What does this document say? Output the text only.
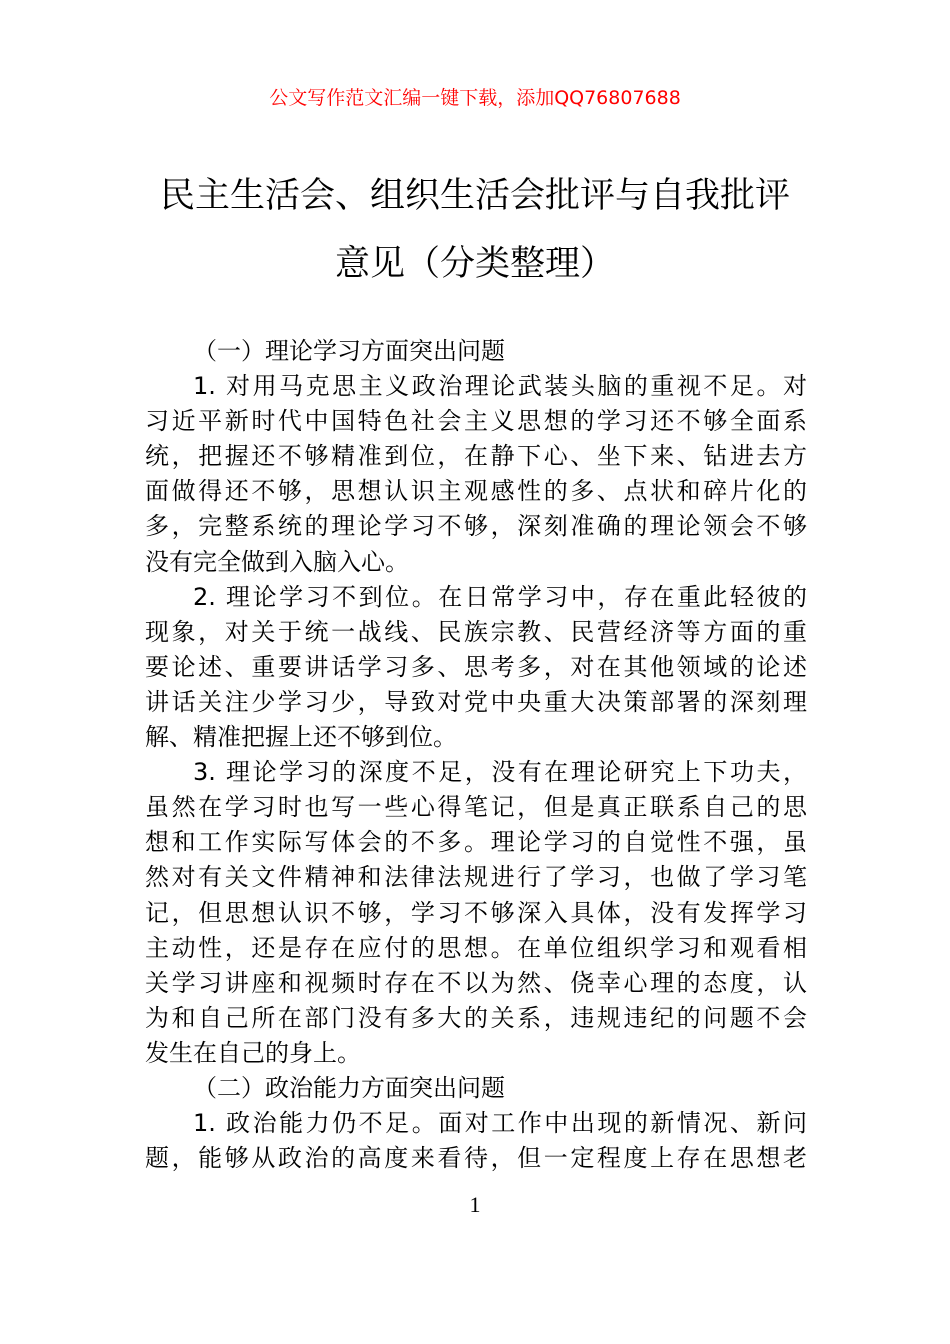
公文写作范文汇编一键下载，添加QQ76807688
民主生活会、组织生活会批评与自我批评
意见（分类整理）
（一）理论学习方面突出问题
1. 对用马克思主义政治理论武装头脑的重视不足。对
习近平新时代中国特色社会主义思想的学习还不够全面系
统，把握还不够精准到位，在静下心、坐下来、钻进去方
面做得还不够，思想认识主观感性的多、点状和碎片化的
多，完整系统的理论学习不够，深刻准确的理论领会不够
没有完全做到入脑入心。
2. 理论学习不到位。在日常学习中，存在重此轻彼的
现象，对关于统一战线、民族宗教、民营经济等方面的重
要论述、重要讲话学习多、思考多，对在其他领域的论述
讲话关注少学习少，导致对党中央重大决策部署的深刻理
解、精准把握上还不够到位。
3. 理论学习的深度不足，没有在理论研究上下功夫，
虽然在学习时也写一些心得笔记，但是真正联系自己的思
想和工作实际写体会的不多。理论学习的自觉性不强，虽
然对有关文件精神和法律法规进行了学习，也做了学习笔
记，但思想认识不够，学习不够深入具体，没有发挥学习
主动性，还是存在应付的思想。在单位组织学习和观看相
关学习讲座和视频时存在不以为然、侥幸心理的态度，认
为和自己所在部门没有多大的关系，违规违纪的问题不会
发生在自己的身上。
（二）政治能力方面突出问题
1. 政治能力仍不足。面对工作中出现的新情况、新问
题，能够从政治的高度来看待，但一定程度上存在思想老
1
